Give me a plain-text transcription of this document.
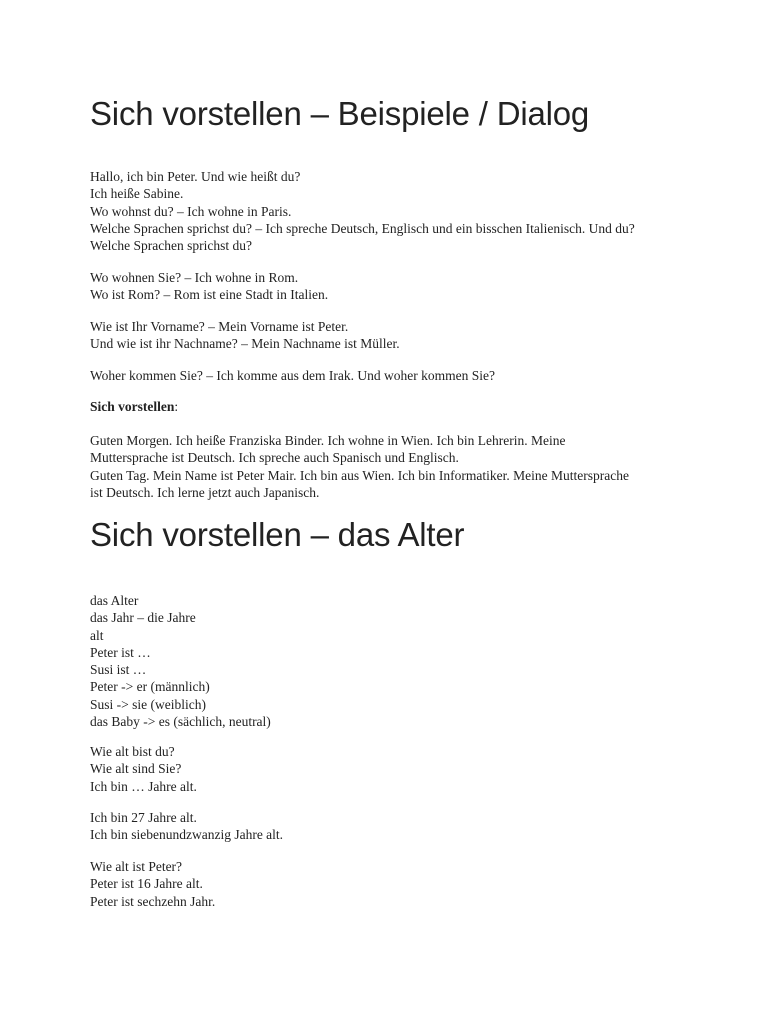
Sich vorstellen – Beispiele / Dialog
Hallo, ich bin Peter. Und wie heißt du?
Ich heiße Sabine.
Wo wohnst du? – Ich wohne in Paris.
Welche Sprachen sprichst du? – Ich spreche Deutsch, Englisch und ein bisschen Italienisch. Und du?
Welche Sprachen sprichst du?
Wo wohnen Sie? – Ich wohne in Rom.
Wo ist Rom? – Rom ist eine Stadt in Italien.
Wie ist Ihr Vorname? – Mein Vorname ist Peter.
Und wie ist ihr Nachname? – Mein Nachname ist Müller.
Woher kommen Sie? – Ich komme aus dem Irak. Und woher kommen Sie?
Sich vorstellen:
Guten Morgen. Ich heiße Franziska Binder. Ich wohne in Wien. Ich bin Lehrerin. Meine
Muttersprache ist Deutsch. Ich spreche auch Spanisch und Englisch.
Guten Tag. Mein Name ist Peter Mair. Ich bin aus Wien. Ich bin Informatiker. Meine Muttersprache
ist Deutsch. Ich lerne jetzt auch Japanisch.
Sich vorstellen – das Alter
das Alter
das Jahr – die Jahre
alt
Peter ist …
Susi ist …
Peter -> er (männlich)
Susi -> sie (weiblich)
das Baby -> es (sächlich, neutral)
Wie alt bist du?
Wie alt sind Sie?
Ich bin … Jahre alt.
Ich bin 27 Jahre alt.
Ich bin siebenundzwanzig Jahre alt.
Wie alt ist Peter?
Peter ist 16 Jahre alt.
Peter ist sechzehn Jahr.
